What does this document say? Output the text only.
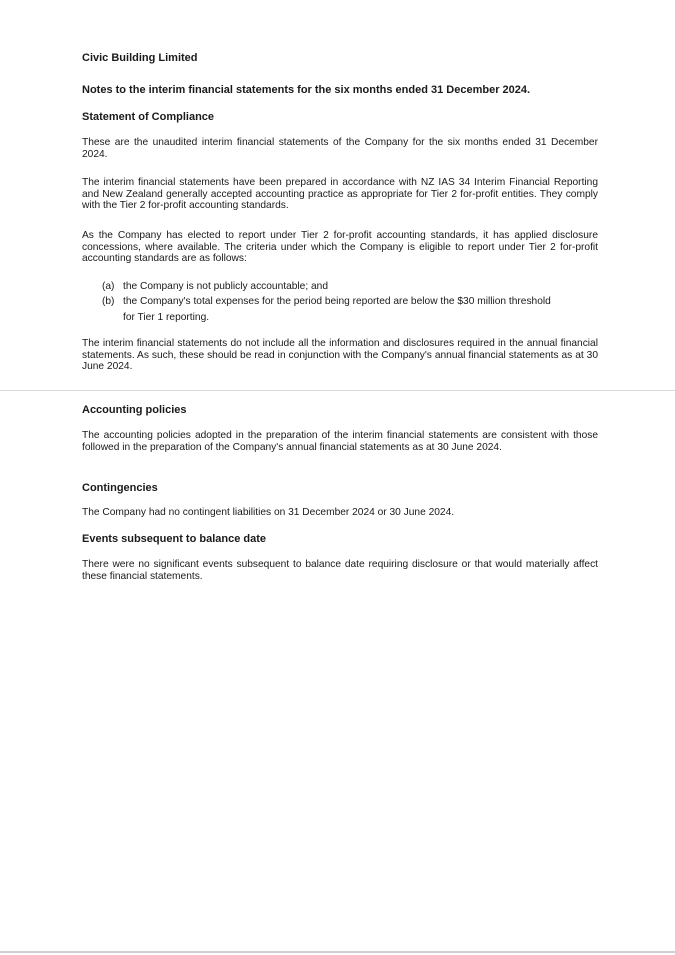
Civic Building Limited

Notes to the interim financial statements for the six months ended 31 December 2024.

Statement of Compliance

These are the unaudited interim financial statements of the Company for the six months ended 31 December 2024.

The interim financial statements have been prepared in accordance with NZ IAS 34 Interim Financial Reporting and New Zealand generally accepted accounting practice as appropriate for Tier 2 for-profit entities. They comply with the Tier 2 for-profit accounting standards.

As the Company has elected to report under Tier 2 for-profit accounting standards, it has applied disclosure concessions, where available. The criteria under which the Company is eligible to report under Tier 2 for-profit accounting standards are as follows:

(a) the Company is not publicly accountable; and
(b) the Company's total expenses for the period being reported are below the $30 million threshold
for Tier 1 reporting.

The interim financial statements do not include all the information and disclosures required in the annual financial statements. As such, these should be read in conjunction with the Company's annual financial statements as at 30 June 2024.

Accounting policies

The accounting policies adopted in the preparation of the interim financial statements are consistent with those followed in the preparation of the Company's annual financial statements as at 30 June 2024.

Contingencies

The Company had no contingent liabilities on 31 December 2024 or 30 June 2024.

Events subsequent to balance date

There were no significant events subsequent to balance date requiring disclosure or that would materially affect these financial statements.
